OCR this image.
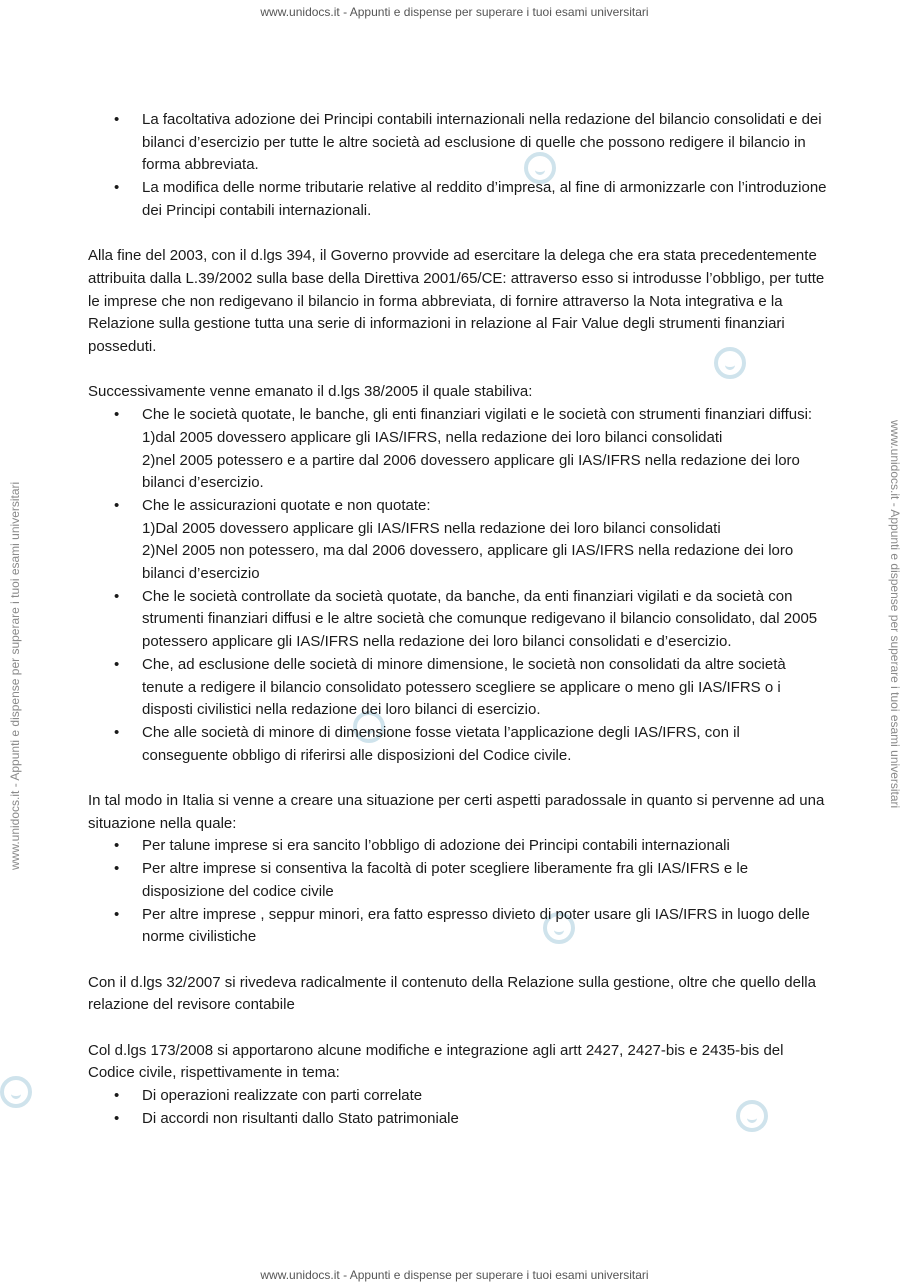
www.unidocs.it - Appunti e dispense per superare i tuoi esami universitari
www.unidocs.it - Appunti e dispense per superare i tuoi esami universitari
www.unidocs.it - Appunti e dispense per superare i tuoi esami universitari	www.unidocs.it - Appunti e dispense per superare i tuoi esami universitari
• La facoltativa adozione dei Principi contabili internazionali nella redazione del bilancio consolidati e dei bilanci d’esercizio per tutte le altre società ad esclusione di quelle che possono redigere il bilancio in forma abbreviata.
• La modifica delle norme tributarie relative al reddito d’impresa, al fine di armonizzarle con l’introduzione dei Principi contabili internazionali.

Alla fine del 2003, con il d.lgs 394, il Governo provvide ad esercitare la delega che era stata precedentemente attribuita dalla L.39/2002 sulla base della Direttiva 2001/65/CE: attraverso esso si introdusse l’obbligo, per tutte le imprese che non redigevano il bilancio in forma abbreviata, di fornire attraverso la Nota integrativa e la Relazione sulla gestione tutta una serie di informazioni in relazione al Fair Value degli strumenti finanziari posseduti.

Successivamente venne emanato il d.lgs 38/2005 il quale stabiliva:

• Che le società quotate, le banche, gli enti finanziari vigilati e le società con strumenti finanziari diffusi:
1)dal 2005 dovessero applicare gli IAS/IFRS, nella redazione dei loro bilanci consolidati
2)nel 2005 potessero e a partire dal 2006 dovessero applicare gli IAS/IFRS nella redazione dei loro bilanci d’esercizio.
• Che le assicurazioni quotate e non quotate:
1)Dal 2005 dovessero applicare gli IAS/IFRS nella redazione dei loro bilanci consolidati
2)Nel 2005 non potessero, ma dal 2006 dovessero, applicare gli IAS/IFRS nella redazione dei loro bilanci d’esercizio
• Che le società controllate da società quotate, da banche, da enti finanziari vigilati e da società con strumenti finanziari diffusi e le altre società che comunque redigevano il bilancio consolidato, dal 2005 potessero applicare gli IAS/IFRS nella redazione dei loro bilanci consolidati e d’esercizio.
• Che, ad esclusione delle società di minore dimensione, le società non consolidati da altre società tenute a redigere il bilancio consolidato potessero scegliere se applicare o meno gli IAS/IFRS o i disposti civilistici nella redazione dei loro bilanci di esercizio.
• Che alle società di minore di dimensione fosse vietata l’applicazione degli IAS/IFRS, con il conseguente obbligo di riferirsi alle disposizioni del Codice civile.

In tal modo in Italia si venne a creare una situazione per certi aspetti paradossale in quanto si pervenne ad una situazione nella quale:

• Per talune imprese si era sancito l’obbligo di adozione dei Principi contabili internazionali
• Per altre imprese si consentiva la facoltà di poter scegliere liberamente fra gli IAS/IFRS e le disposizione del codice civile
• Per altre imprese , seppur minori, era fatto espresso divieto di poter usare gli IAS/IFRS in luogo delle norme civilistiche

Con il d.lgs 32/2007 si rivedeva radicalmente il contenuto della Relazione sulla gestione, oltre che quello della relazione del revisore contabile

Col d.lgs 173/2008 si apportarono alcune modifiche e integrazione agli artt 2427, 2427-bis e 2435-bis del Codice civile, rispettivamente in tema:

• Di operazioni realizzate con parti correlate
• Di accordi non risultanti dallo Stato patrimoniale
